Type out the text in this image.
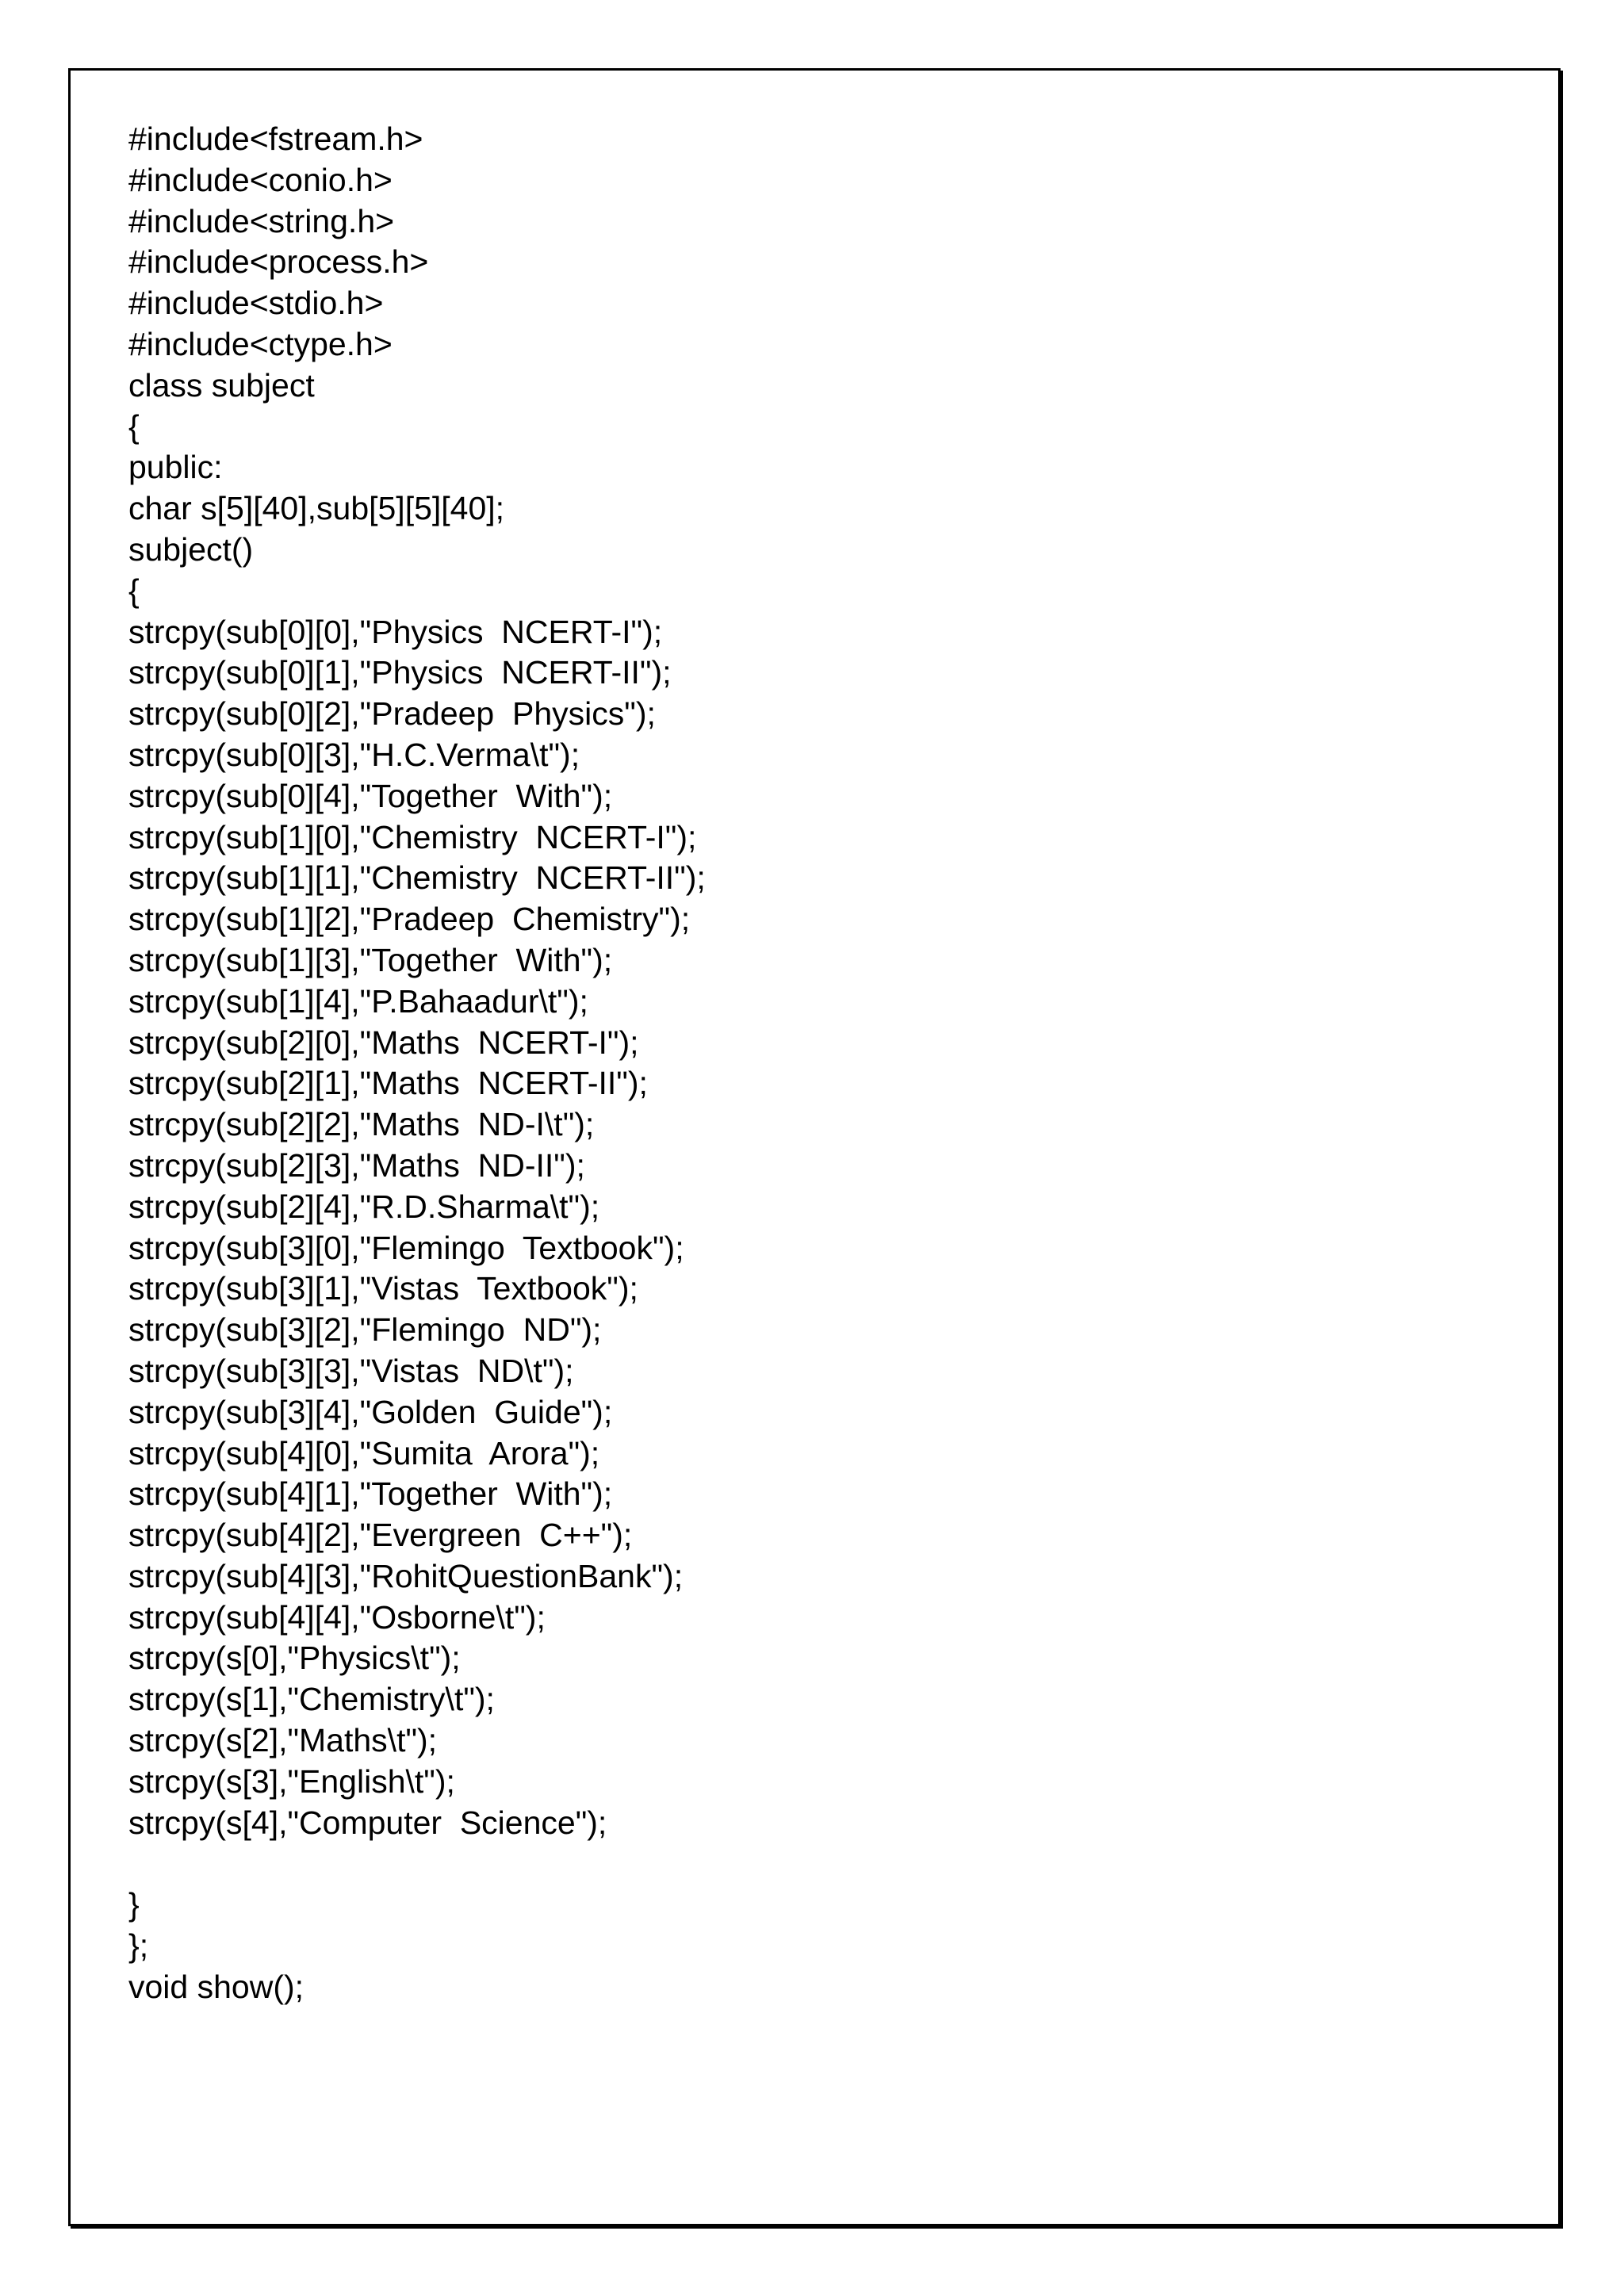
#include<fstream.h>
#include<conio.h>
#include<string.h>
#include<process.h>
#include<stdio.h>
#include<ctype.h>
class subject
{
public:
char s[5][40],sub[5][5][40];
subject()
{
strcpy(sub[0][0],"Physics  NCERT-I");
strcpy(sub[0][1],"Physics  NCERT-II");
strcpy(sub[0][2],"Pradeep  Physics");
strcpy(sub[0][3],"H.C.Verma\t");
strcpy(sub[0][4],"Together  With");
strcpy(sub[1][0],"Chemistry  NCERT-I");
strcpy(sub[1][1],"Chemistry  NCERT-II");
strcpy(sub[1][2],"Pradeep  Chemistry");
strcpy(sub[1][3],"Together  With");
strcpy(sub[1][4],"P.Bahaadur\t");
strcpy(sub[2][0],"Maths  NCERT-I");
strcpy(sub[2][1],"Maths  NCERT-II");
strcpy(sub[2][2],"Maths  ND-I\t");
strcpy(sub[2][3],"Maths  ND-II");
strcpy(sub[2][4],"R.D.Sharma\t");
strcpy(sub[3][0],"Flemingo  Textbook");
strcpy(sub[3][1],"Vistas  Textbook");
strcpy(sub[3][2],"Flemingo  ND");
strcpy(sub[3][3],"Vistas  ND\t");
strcpy(sub[3][4],"Golden  Guide");
strcpy(sub[4][0],"Sumita  Arora");
strcpy(sub[4][1],"Together  With");
strcpy(sub[4][2],"Evergreen  C++");
strcpy(sub[4][3],"RohitQuestionBank");
strcpy(sub[4][4],"Osborne\t");
strcpy(s[0],"Physics\t");
strcpy(s[1],"Chemistry\t");
strcpy(s[2],"Maths\t");
strcpy(s[3],"English\t");
strcpy(s[4],"Computer  Science");
}
};
void show();
